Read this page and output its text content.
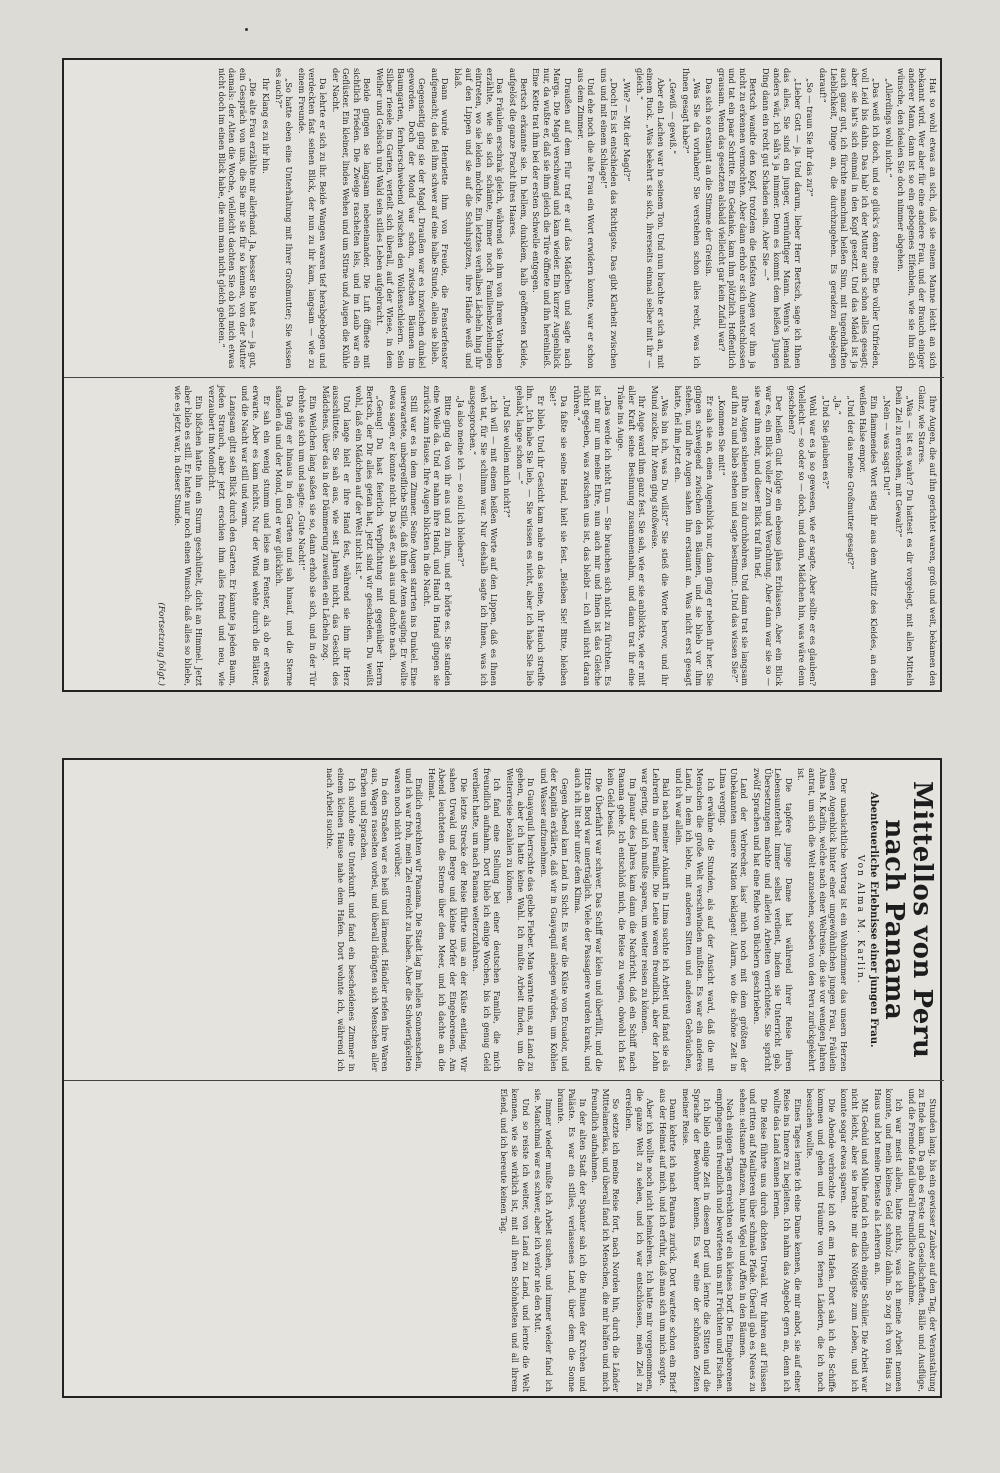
Hat so wohl etwas an sich, daß sie einem Manne leicht an sich bekannt wird. Wer aber für eine andere Frau, und der Brauch einiger anderer Mann, dann ist so ein gebogenes Elfenbein, wie sie ihn sich wünsche, den idealen Sie doch nimmer abgehen.

„Allerdings wohl nicht.“

„Das weiß ich doch, und so glück's denn eine Ehe voller Unfrieden, voll Leid bis dahin. Das hab' ich der Mutter auch schon alles gesagt; aber sie hat's sich einmal in den Kopf gesetzt. Und das Mädel ist ja auch ganz gut, ich fürchte manchmal heißen Sinn, mit tugendhaften Lieblichkeit, Dinge an, die durchzugehen. Es geradezu abgelegen darauf!“

„So — traun Sie ihr das zu?“

„Lieber Gott — ja. Und darum, lieber Herr Bertsch, sage ich Ihnen das alles. Sie sind ein junger, vernünftiger Mann. Wenn's jemand anders wär, ich säh's ja nimmer. Denn es kommt dem heißen Jungen Ding dann ein recht gut Schaden sein. Aber Sie —“

Bertsch wandte den Kopf, trotzdem die tiefsten Augen vor ihm ja nicht zu erkennen vermochten. Aber dann erhob er sich unentschlossen und tat ein paar Schritte. Ein Gedanke, kam ihm plötzlich. Hoffentlich grausam. Wenn das gesetzten alsbald vielleicht gar kein Zufall war?

Das sich so erstaunt an die Stimme der Greisin.

„Was Sie da vorhaben? Sie verstehen schon alles recht, was ich Ihnen gesagt habe?“

„Gewiß — gewiß.“

Aber ein Lachen war in seinem Ton. Und nun brachte er sich an, mit einem Ruck. „Was bekehrt sie sich, ihrerseits einmal selber mit ihr — gleich.“

„Wie? — Mit der Magd?“

„Doch! Es ist entschieden das Richtigste. Das gibt Klarheit zwischen uns und mit einem Schlage!“

Und ehe noch die alte Frau ein Wort erwidern konnte, war er schon aus dem Zimmer.

Draußen auf dem Flur traf er auf das Mädchen und sagte nach Marga. Die Magd verschwand und kam wieder. Ein kurzer Augenblick nur, da wußte er, daß sie ihm gleich die Türe öffnete und ihn hereinließ. Eine Kette trat ihm bei der ersten Schwelle entgegen.

Bertsch erkannte sie. In hellem, dunklem, halb geöffneten Kleide, aufgelöst die ganze Pracht ihres Haares.

Das Fräulein erschrak gleich, während sie ihm von ihrem Vorhaben erzählte, wie sie sich schämte, immer noch Familienbeziehungen eintreten, wo sie leiden möchte. Ein letztes verhalbes Lächeln hing ihr auf den Lippen und sie auf die Schuhspitzen, ihre Hände weiß und blaß.

Dann wurde Henriette ihm von Freude, die Fensterfenster aufgemacht; das fiel ihm schwer auf eine halbe Stunde, allein sie blieb.

Gegenseitig ging sie der Magd. Draußen war es inzwischen dunkel geworden. Doch der Mond war schon, zwischen Bäumen im Baumgarten, fernherschwebend zwischen den Wolkenschleiern. Sein Silber riesele im Garten, verteilt sich überall, auf der Wiese, in dem Weiher und Gebüsch und Wald sein stilles Leben aufgebracht.

Beide gingen sie langsam nebeneinander. Die Luft öffnete mit sichtlich Frieden. Die Zweige raschelten leis, und im Laub war ein Geflüster. Ein kleiner, lindes Wehen und um Stirne und Augen die Kühle der Nacht.

Da lehrte er sich zu ihr. Beide Wangen waren tief herabgebogen und verdeckten fast seinen Blick, der nun zu ihr kam, langsam — wie zu einem Freunde.

„So hatte eben eine Unterhaltung mit Ihrer Großmutter; Sie wissen es auch?“

Ihr Klang es zu ihr hin.

„Die alte Frau erzählte mir allerhand. Ja, besser Sie hat es — ja gut, ein Gespräch von uns, die Sie mir sie für so kennen, von der Mutter damals: der Alten die Woche, vielleicht dachten Sie ob ich mich etwas nicht doch im einen Blick habe, die nun man nicht gleich gebeten.“

Ihre Augen, die auf ihn gerichtet waren, groß und weit, bekamen den Glanz, wie Starres.

„Was — ist es wahr? Du hattest es dir vorgelegt, mit allen Mitteln Dein Ziel zu erreichen, mit Gewalt?“

„Nein — was sagst Du!“

Ein flammendes Wort stieg ihr aus dem Antlitz des Kleides, an dem weißen Halse empor.

„Und der das meine Großmutter gesagt?“

„Ja.“

„Und Sie glauben es?“

Wohl war es ja so gewesen, wie er sagte. Aber sollte er es glauben? Vielleicht — so oder so — doch, und dann, Mädchen hin, was wäre denn geschehen?

Der heißen Glut folgte ein ebenso jähes Erblassen. Aber ein Blick war es, ein Blick voller Zorn und Verachtung. Aber dann war sie so — sie war ihm sehr, und dieser Blick traf ihn tief.

Ihre Augen schienen ihn zu durchbohren. Und dann trat sie langsam auf ihn zu und blieb stehen und sagte bestimmt: „Und das wissen Sie?“

„Kommen Sie mit!“

Er sah sie an, einen Augenblick nur, dann ging er neben ihr her. Sie gingen schweigend zwischen den Bäumen, und sie blieb vor ihm stehen, und ihre Augen sahen ihn erstaunt an. Was nicht erst gesagt hatte, fiel ihm jetzt ein.

„Was bin ich, was Du willst?“ Sie stieß die Worte hervor, und ihr Mund zuckte. Ihr Atem ging stoßweise.

Ihr Auge ward ihm ganz fest. Sie sah, wie er sie anblickte, wie er mit aller Kraft seine Besinnung zusammennahm, und dann trat ihr eine Träne ins Auge.

„Das werde ich nicht tun — Sie brauchen sich nicht zu fürchten. Es ist mir nur um meine Ehre, nun auch mir und Ihnen ist das Gleiche nicht gegeben, was zwischen uns ist, das bleibt — ich will nicht daran rühren.“

Da faßte sie seine Hand, hielt sie fest. „Bleiben Sie! Bitte, bleiben Sie!“

Er blieb. Und ihr Gesicht kam nahe an das seine, ihr Hauch streifte ihn. „Ich habe Sie lieb, — Sie wissen es nicht, aber ich habe Sie lieb gehabt, lange schon —“

„Und Sie wollen mich nicht?“

„Ich will — mit einem heißen Worte auf den Lippen, daß es Ihnen weh tat, für Sie schlimm war. Nur deshalb sagte ich Ihnen, was ich ausgesprochen.“

„Ja also meine ich — so soll ich bleiben?“

Bitte ging da von ihr aus und zu ihm, und er hörte es. Sie standen eine Weile da. Und er nahm ihre Hand, und Hand in Hand gingen sie zurück zum Hause. Ihre Augen blickten in die Nacht.

Still war es in dem Zimmer. Seine Augen starrten ins Dunkel. Eine unerwartete, unbegreifliche Stille, daß ihm der Atem ausging. Er wollte etwas sagen, er konnte nicht. Da saß er, sah aus und dachte nach.

„Genug! Du hast feierlich Verpflichtung mit gegenüber Herrn Bertsch, der Dir alles getan hat, jetzt sind wir geschieden. Du weißt wohl, daß ein Mädchen auf der Welt nicht ist.“

Und lange hielt er ihre Hand fest, während sie ihm ihr Herz ausschüttete. Sie sah aus, wie seit Jahren nicht, das Gesicht des Mädchens, über das in der Dämmerung zuweilen ein Lächeln zog.

Ein Weilchen lang saßen sie so, dann erhob sie sich, und in der Tür drehte sie sich um und sagte: „Gute Nacht!“

Da ging er hinaus in den Garten und sah hinauf, und die Sterne standen da und der Mond, und er war glücklich.

Er sah ein wenig stumm und leise am Fenster, als ob er etwas erwarte. Aber es kam nichts. Nur der Wind wehte durch die Blätter, und die Nacht war still und warm.

Langsam glitt sein Blick durch den Garten. Er kannte ja jeden Baum, jeden Strauch, aber jetzt erschien ihm alles fremd und neu, wie verzaubert im Mondlicht.

Ein bißchen hatte ihn ein Sturm geschüttelt, dicht an Himmel. Jetzt aber blieb es still. Er hatte nur noch einen Wunsch: daß alles so bliebe, wie es jetzt war, in dieser Stunde.

(Fortsetzung folgt.)
Mittellos von Peru nach Panama
Abenteuerliche Erlebnisse einer jungen Frau.
Von Alma M. Karlin.

Der unabsichtliche Vortrag ist ein Wohnzimmer das unsern Herzen einen Augenblick hinter einer ungewöhnlichen jungen Frau, Fräulein Alma M. Karlin, welche nach einer Weltreise, die sie vor wenigen Jahren antrat, um sich die Welt anzusehen, soeben von den Peru zurückgekehrt ist.

Die tapfere junge Dame hat während ihrer Reise ihren Lebensunterhalt immer selbst verdient, indem sie Unterricht gab, Übersetzungen machte und allerlei Arbeiten verrichtete. Sie spricht zwölf Sprachen und hat eine Reihe von Büchern geschrieben.

Land der Verbrecher, lass' mich noch mit dem größten der Unbekannten unsere Nation beklagen! Alarm, wo die schöne Zeit in Lima verging.

Ich erwähne die Stunden, als auf der Ansicht ward, daß die mit Menschen die große Welt verschwinden mußten. Es war ein anderes Land, in dem ich lebte, mit anderen Sitten und anderen Gebräuchen, und ich war allein.

Bald nach meiner Ankunft in Lima suchte ich Arbeit und fand sie als Lehrerin in einer Familie. Die Leute waren freundlich, aber der Lohn war gering, und ich mußte sparen, um weiter reisen zu können.

Im Januar des Jahres kam dann die Nachricht, daß ein Schiff nach Panama gehe. Ich entschloß mich, die Reise zu wagen, obwohl ich fast kein Geld besaß.

Die Überfahrt war schwer. Das Schiff war klein und überfüllt, und die Hitze an Bord war unerträglich. Viele der Passagiere wurden krank, und auch ich litt sehr unter dem Klima.

Gegen Abend kam Land in Sicht. Es war die Küste von Ecuador, und der Kapitän erklärte, daß wir in Guayaquil anlegen würden, um Kohlen und Wasser aufzunehmen.

In Guayaquil herrschte das gelbe Fieber. Man warnte uns, an Land zu gehen, aber ich hatte keine Wahl. Ich mußte Arbeit finden, um die Weiterreise bezahlen zu können.

Ich fand eine Stellung bei einer deutschen Familie, die mich freundlich aufnahm. Dort blieb ich einige Wochen, bis ich genug Geld verdient hatte, um nach Panama weiterzufahren.

Die letzte Strecke der Reise führte uns an der Küste entlang. Wir sahen Urwald und Berge und kleine Dörfer der Eingeborenen. Am Abend leuchteten die Sterne über dem Meer, und ich dachte an die Heimat.

Endlich erreichten wir Panama. Die Stadt lag im hellen Sonnenschein, und ich war froh, mein Ziel erreicht zu haben. Aber die Schwierigkeiten waren noch nicht vorüber.

In den Straßen war es heiß und lärmend. Händler riefen ihre Waren aus, Wagen rasselten vorbei, und überall drängten sich Menschen aller Farben und Sprachen.

Ich suchte eine Unterkunft und fand ein bescheidenes Zimmer in einem kleinen Hause nahe dem Hafen. Dort wohnte ich, während ich nach Arbeit suchte.

Stunden lang, bis ein gewisser Zauber auf den Tag, der Veranstaltung zu Ende kam. Da gab es Feste und Gesellschaften, Bälle und Ausflüge, und die Fremde fand überall freundliche Aufnahme.

Ich war meist allein, hatte nichts, was ich meine Arbeit nennen konnte, und mein kleines Geld schmolz dahin. So zog ich von Haus zu Haus und bot meine Dienste als Lehrerin an.

Mit Geduld und Mühe fand ich endlich einige Schüler. Die Arbeit war nicht leicht, aber sie brachte mir das Nötigste zum Leben, und ich konnte sogar etwas sparen.

Die Abende verbrachte ich oft am Hafen. Dort sah ich die Schiffe kommen und gehen und träumte von fernen Ländern, die ich noch besuchen wollte.

Eines Tages lernte ich eine Dame kennen, die mir anbot, sie auf einer Reise ins Innere zu begleiten. Ich nahm das Angebot gern an, denn ich wollte das Land kennen lernen.

Die Reise führte uns durch dichten Urwald. Wir fuhren auf Flüssen und ritten auf Maultieren über schmale Pfade. Überall gab es Neues zu sehen: seltsame Pflanzen, bunte Vögel und Affen in den Bäumen.

Nach einigen Tagen erreichten wir ein kleines Dorf. Die Eingeborenen empfingen uns freundlich und bewirteten uns mit Früchten und Fischen.

Ich blieb einige Zeit in diesem Dorf und lernte die Sitten und die Sprache der Bewohner kennen. Es war eine der schönsten Zeiten meiner Reise.

Dann kehrte ich nach Panama zurück. Dort wartete schon ein Brief aus der Heimat auf mich, und ich erfuhr, daß man sich um mich sorgte.

Aber ich wollte noch nicht heimkehren. Ich hatte mir vorgenommen, die ganze Welt zu sehen, und ich war entschlossen, mein Ziel zu erreichen.

So setzte ich meine Reise fort, nach Norden hin, durch die Länder Mittelamerikas, und überall fand ich Menschen, die mir halfen und mich freundlich aufnahmen.

In der alten Stadt der Spanier sah ich die Ruinen der Kirchen und Paläste. Es war ein stilles, verlassenes Land, über dem die Sonne brannte.

Immer wieder mußte ich Arbeit suchen, und immer wieder fand ich sie. Manchmal war es schwer, aber ich verlor nie den Mut.

Und so reiste ich weiter, von Land zu Land, und lernte die Welt kennen, wie sie wirklich ist, mit all ihren Schönheiten und all ihrem Elend, und ich bereute keinen Tag.
